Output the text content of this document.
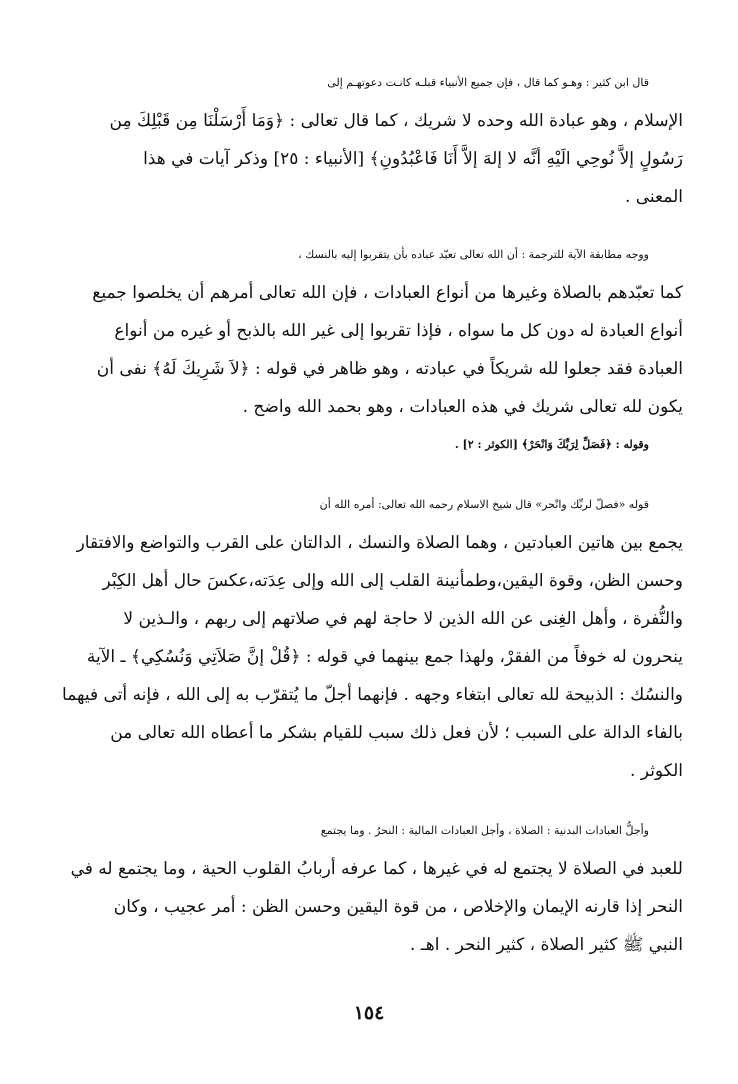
قال ابن كثير : وهـو كما قال ، فإن جميع الأنبياء قبلـه كانـت دعوتهـم إلى
الإسلام ، وهو عبادة الله وحده لا شريك ، كما قال تعالى : ﴿وَمَا أَرْسَلْنَا مِن قَبْلِكَ مِن
رَسُولٍ إلاَّ نُوحِي الَيْهِ أنَّه لا إلهَ إلاَّ أَنَا فَاعْبُدُونِ﴾ [الأنبياء : ٢٥] وذكر آيات في هذا
المعنى .
ووجه مطابقة الآية للترجمة : أن الله تعالى تعبّد عباده بأن يتقربوا إليه بالنسك ،
كما تعبّدهم بالصلاة وغيرها من أنواع العبادات ، فإن الله تعالى أمرهم أن يخلصوا جميع
أنواع العبادة له دون كل ما سواه ، فإذا تقربوا إلى غير الله بالذبح أو غيره من أنواع
العبادة فقد جعلوا لله شريكاً في عبادته ، وهو ظاهر في قوله : ﴿لاَ شَرِيكَ لَهُ﴾ نفى أن
يكون لله تعالى شريك في هذه العبادات ، وهو بحمد الله واضح .
وقوله : ﴿فَصَلِّ لِرَبِّكَ وَانْحَرْ﴾ [الكوثر : ٢] .
قوله «فصلّ لربِّك وانْحر» قال شيخ الاسلام رحمه الله تعالى: أمره الله أن
يجمع بين هاتين العبادتين ، وهما الصلاة والنسك ، الدالتان على القرب والتواضع والافتقار
وحسن الظن، وقوة اليقين،وطمأنينة القلب إلى الله وإلى عِدَته،عكسَ حال أهل الكِبْر
والنُّفرة ، وأهل الغِنى عن الله الذين لا حاجة لهم في صلاتهم إلى ربهم ، والـذين لا
ينحرون له خوفاً من الفقرْ، ولهذا جمع بينهما في قوله : ﴿قُلْ إنَّ صَلاَتِي وَنُسُكِي﴾ ـ الآية
والنسُك : الذبيحة لله تعالى ابتغاء وجهه . فإنهما أجلّ ما يُتقرّب به إلى الله ، فإنه أتى فيهما
بالفاء الدالة على السبب ؛ لأن فعل ذلك سبب للقيام بشكر ما أعطاه الله تعالى من
الكوثر .
وأجلُّ العبادات البدنية : الصلاة ، وأجل العبادات المالية : النحرُ . وما يجتمع
للعبد في الصلاة لا يجتمع له في غيرها ، كما عرفه أربابُ القلوب الحية ، وما يجتمع له في
النحر إذا قارنه الإيمان والإخلاص ، من قوة اليقين وحسن الظن : أمر عجيب ، وكان
النبي ﷺ كثير الصلاة ، كثير النحر . اهـ .
١٥٤
